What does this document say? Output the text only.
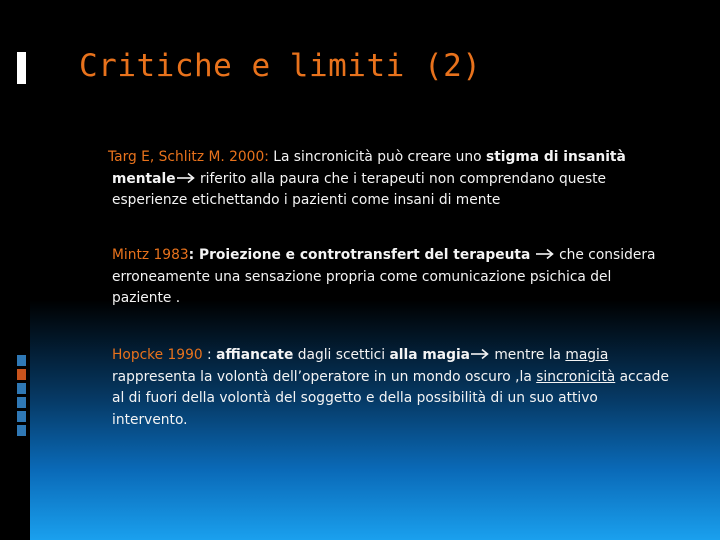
Critiche e limiti (2)
Targ E, Schlitz M. 2000: La sincronicità può creare uno stigma di insanità mentale riferito alla paura che i terapeuti non comprendano queste esperienze etichettando i pazienti come insani di mente
Mintz 1983: Proiezione e controtransfert del terapeuta  che considera erroneamente una sensazione propria come comunicazione psichica del paziente .
Hopcke 1990 : affiancate dagli scettici alla magia mentre la magia rappresenta la volontà dell’operatore in un mondo oscuro ,la sincronicità accade al di fuori della volontà del soggetto e della possibilità di un suo attivo intervento.
